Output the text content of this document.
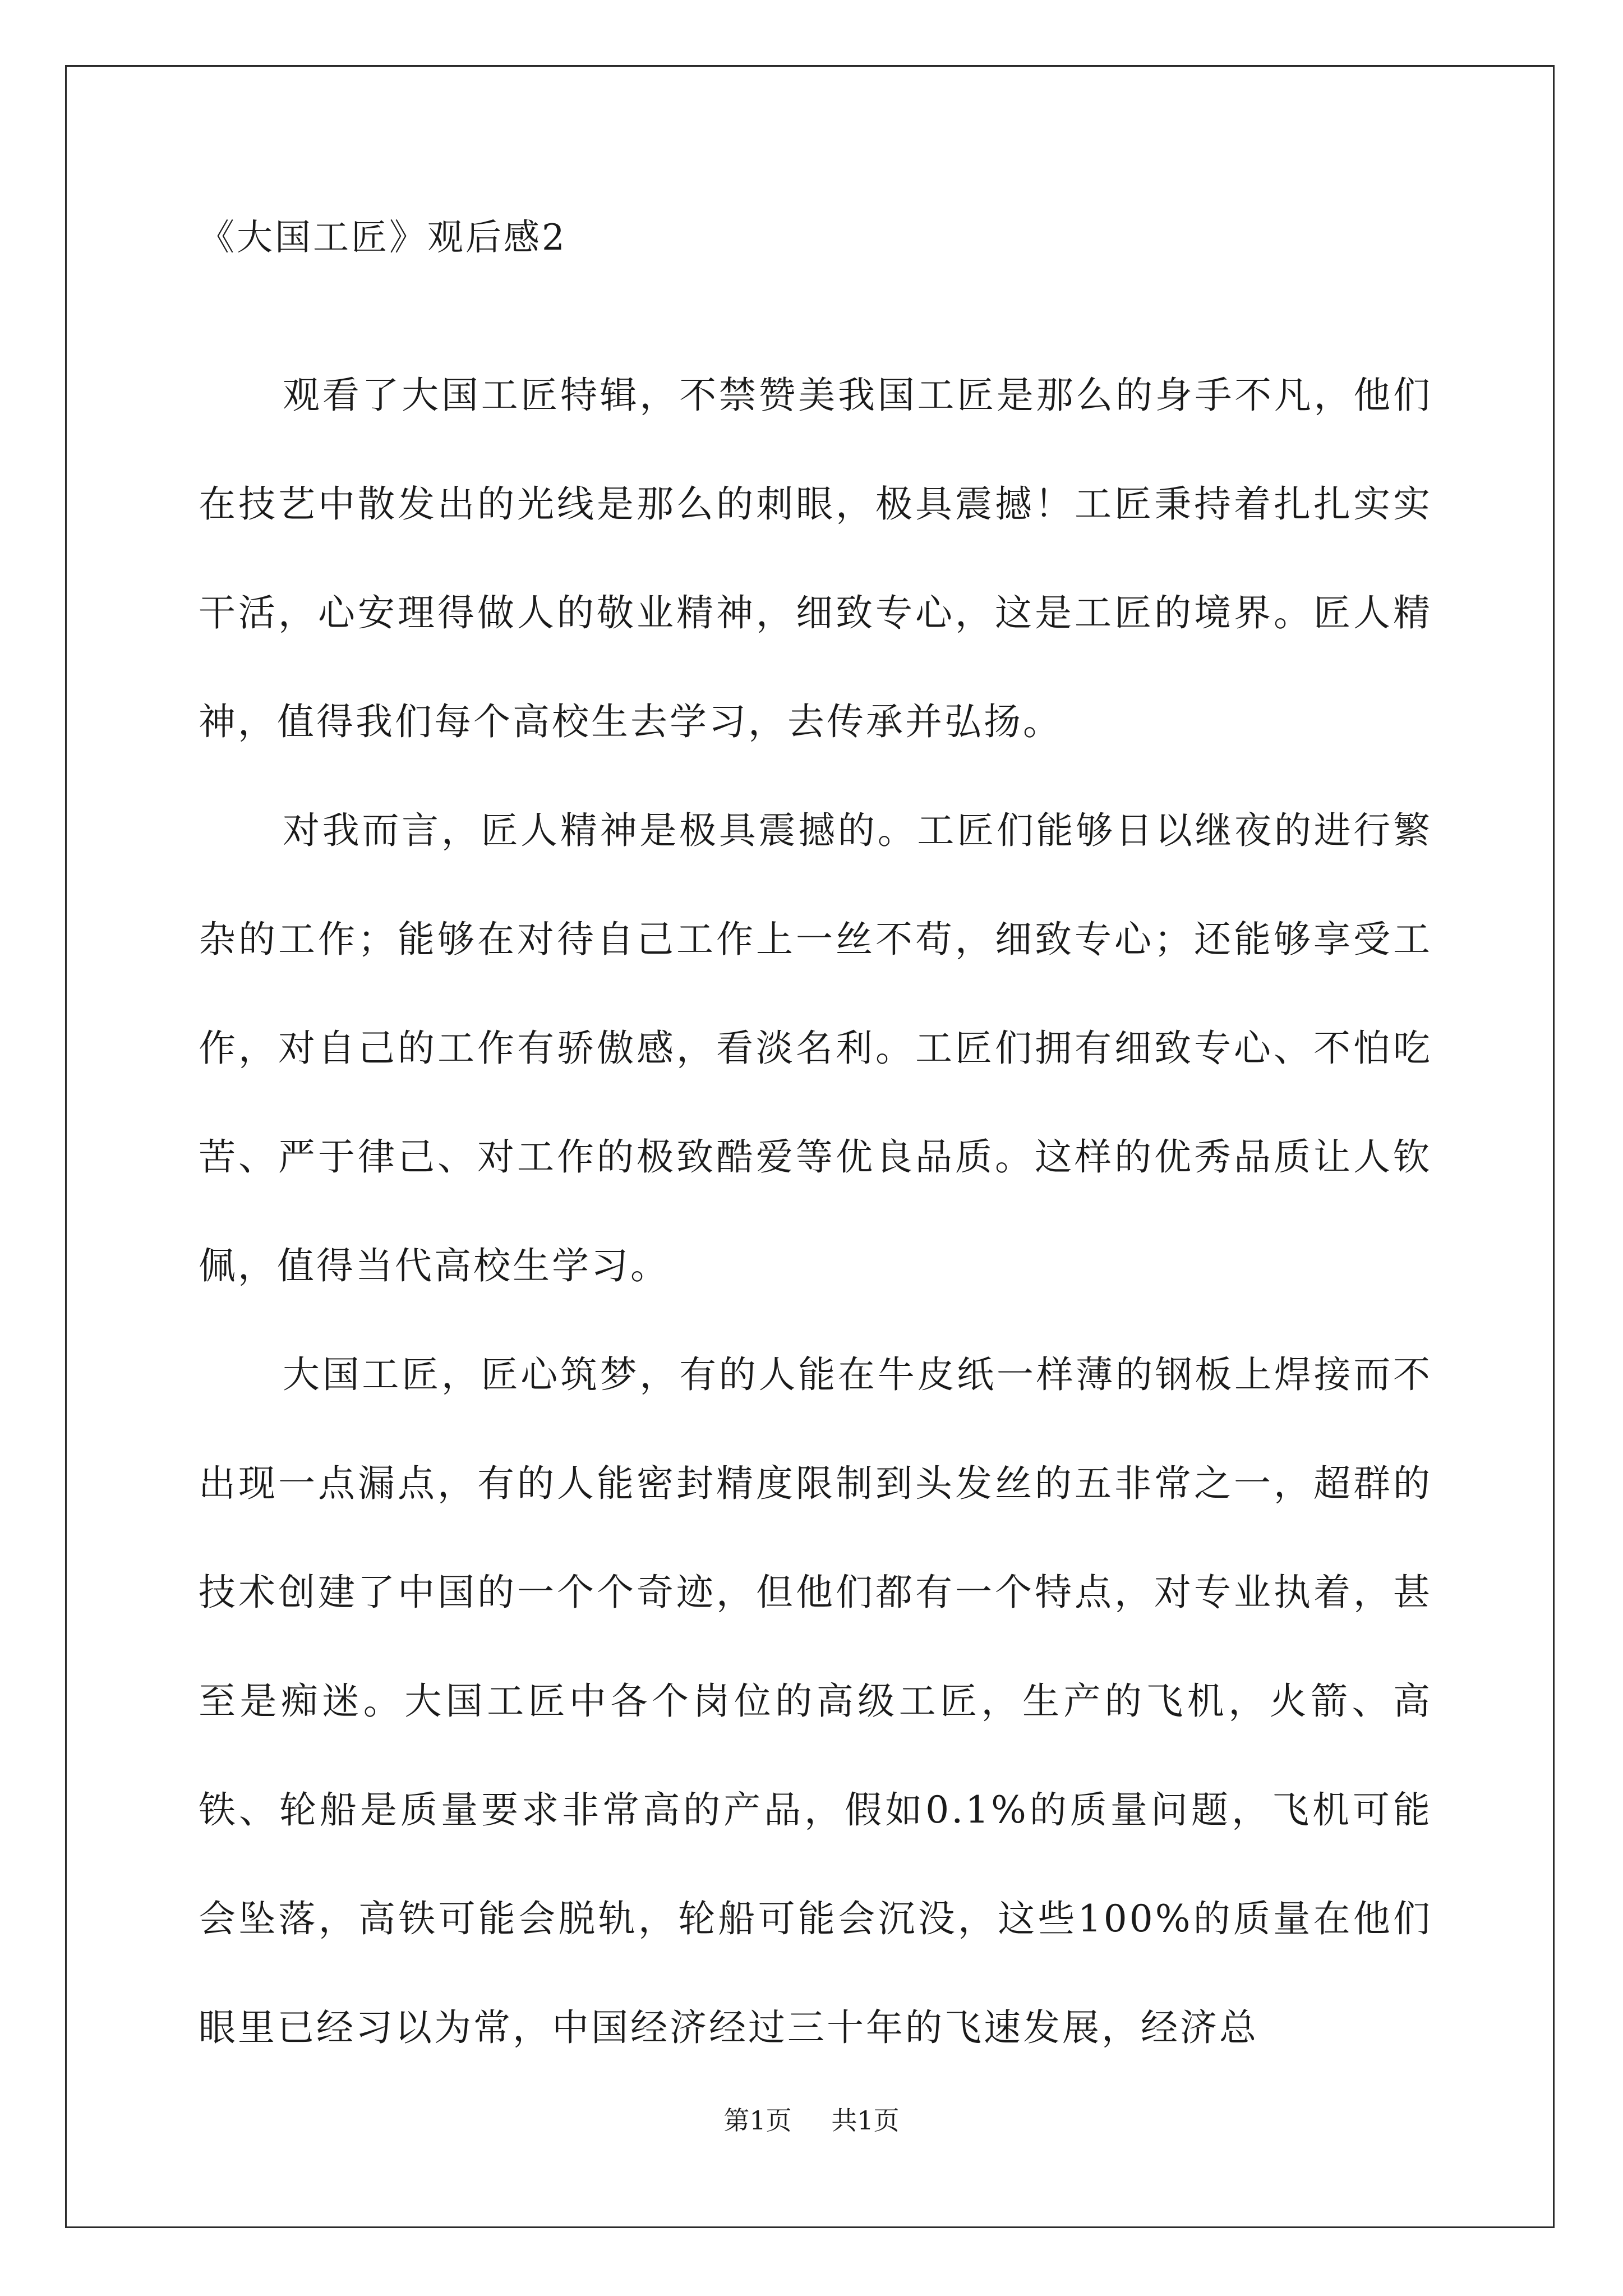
《大国工匠》观后感2

观看了大国工匠特辑，不禁赞美我国工匠是那么的身手不凡，他们在技艺中散发出的光线是那么的刺眼，极具震撼！工匠秉持着扎扎实实干活，心安理得做人的敬业精神，细致专心，这是工匠的境界。匠人精神，值得我们每个高校生去学习，去传承并弘扬。

对我而言，匠人精神是极具震撼的。工匠们能够日以继夜的进行繁杂的工作；能够在对待自己工作上一丝不苟，细致专心；还能够享受工作，对自己的工作有骄傲感，看淡名利。工匠们拥有细致专心、不怕吃苦、严于律己、对工作的极致酷爱等优良品质。这样的优秀品质让人钦佩，值得当代高校生学习。

大国工匠，匠心筑梦，有的人能在牛皮纸一样薄的钢板上焊接而不出现一点漏点，有的人能密封精度限制到头发丝的五非常之一，超群的技术创建了中国的一个个奇迹，但他们都有一个特点，对专业执着，甚至是痴迷。大国工匠中各个岗位的高级工匠，生产的飞机，火箭、高铁、轮船是质量要求非常高的产品，假如0.1%的质量问题，飞机可能会坠落，高铁可能会脱轨，轮船可能会沉没，这些100%的质量在他们眼里已经习以为常，中国经济经过三十年的飞速发展，经济总

第1页 共1页
